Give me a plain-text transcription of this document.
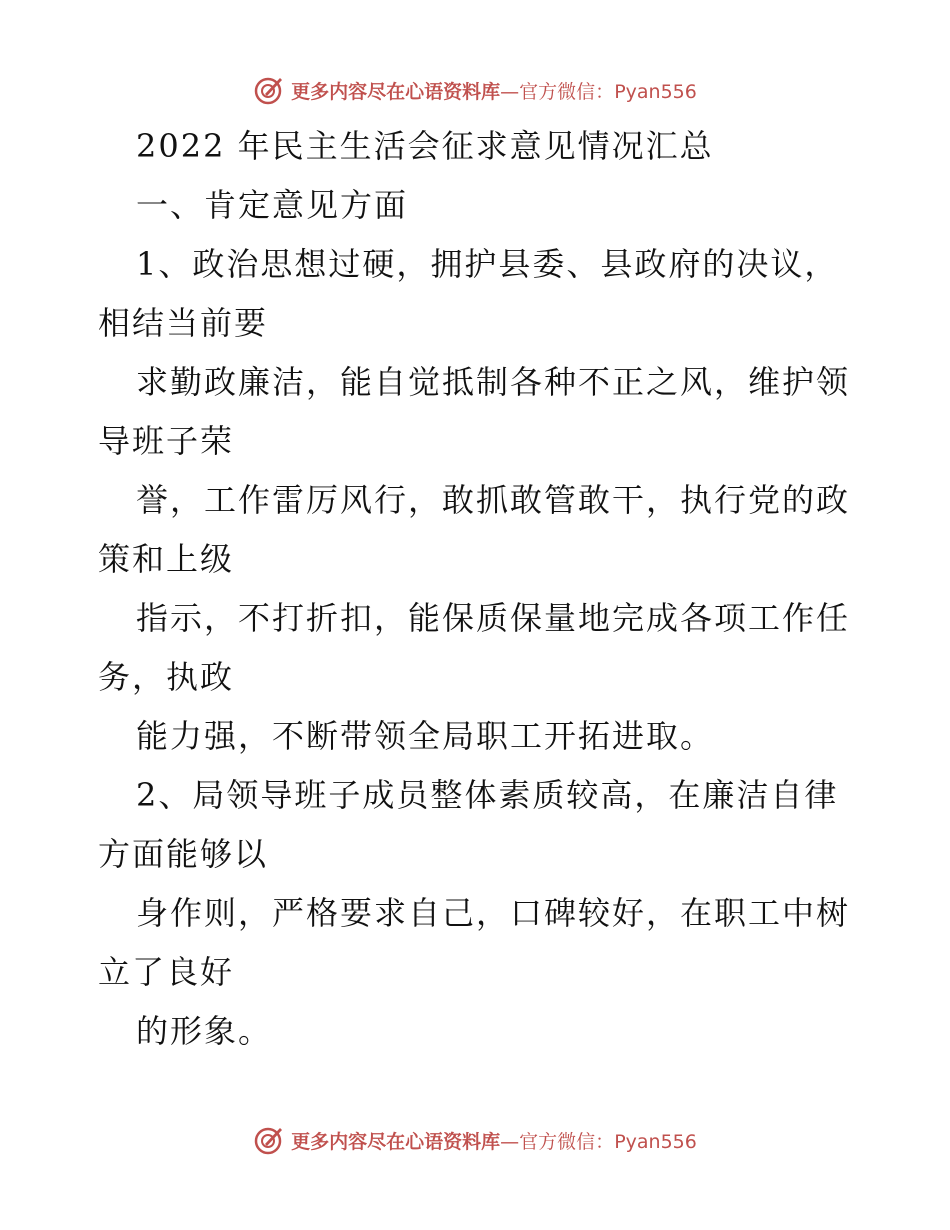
更多内容尽在心语资料库—官方微信：Pyan556
2022 年民主生活会征求意见情况汇总
一、肯定意见方面
1、政治思想过硬，拥护县委、县政府的决议，
相结当前要
求勤政廉洁，能自觉抵制各种不正之风，维护领
导班子荣
誉，工作雷厉风行，敢抓敢管敢干，执行党的政
策和上级
指示，不打折扣，能保质保量地完成各项工作任
务，执政
能力强，不断带领全局职工开拓进取。
2、局领导班子成员整体素质较高，在廉洁自律
方面能够以
身作则，严格要求自己，口碑较好，在职工中树
立了良好
的形象。
更多内容尽在心语资料库—官方微信：Pyan556
